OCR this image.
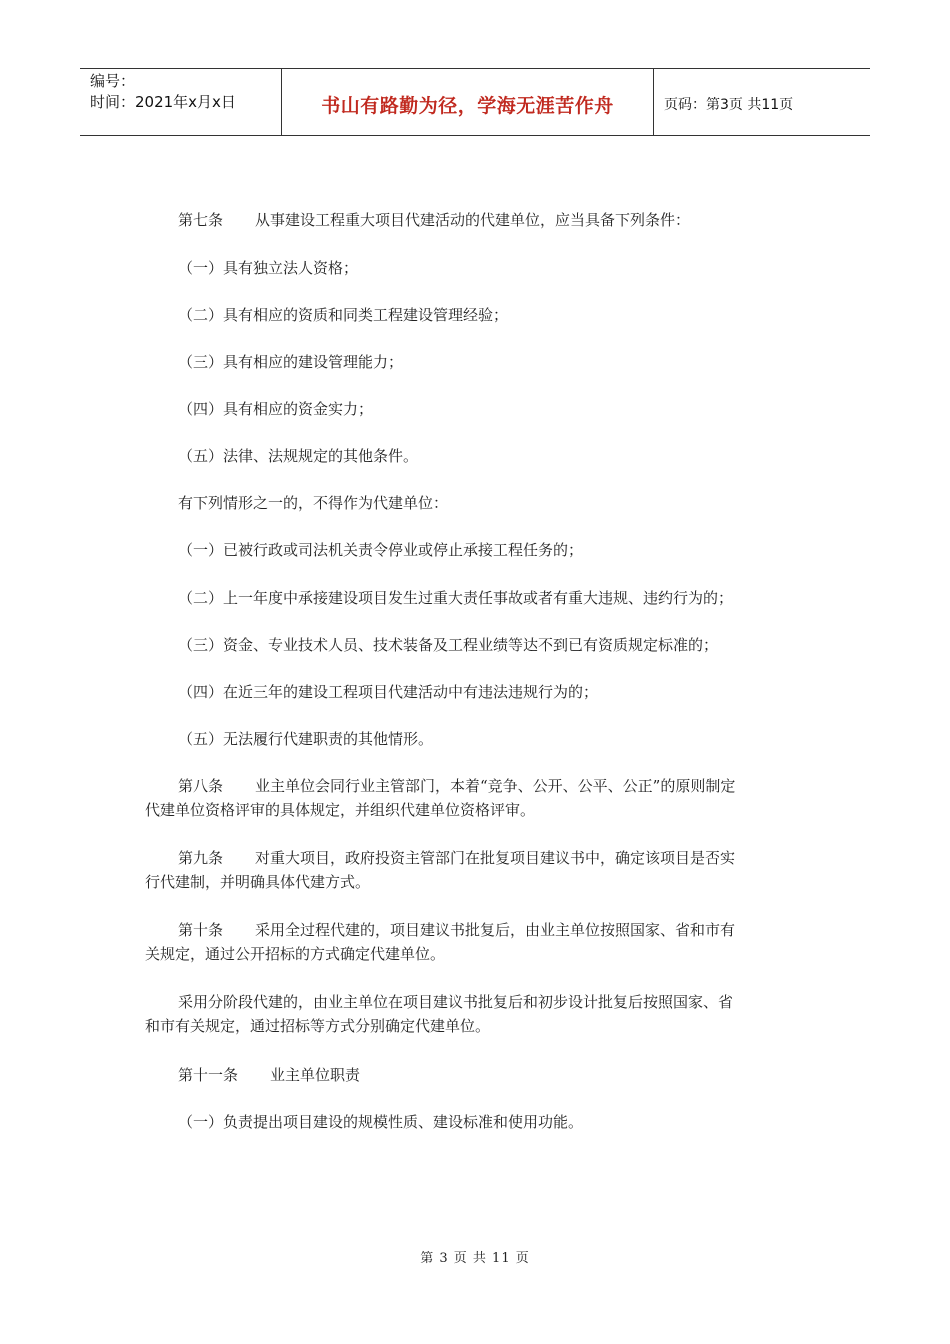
编号：
时间：2021年x月x日	书山有路勤为径，学海无涯苦作舟	页码：第3页 共11页

第七条 从事建设工程重大项目代建活动的代建单位，应当具备下列条件：

（一）具有独立法人资格；

（二）具有相应的资质和同类工程建设管理经验；

（三）具有相应的建设管理能力；

（四）具有相应的资金实力；

（五）法律、法规规定的其他条件。

有下列情形之一的，不得作为代建单位：

（一）已被行政或司法机关责令停业或停止承接工程任务的；

（二）上一年度中承接建设项目发生过重大责任事故或者有重大违规、违约行为的；

（三）资金、专业技术人员、技术装备及工程业绩等达不到已有资质规定标准的；

（四）在近三年的建设工程项目代建活动中有违法违规行为的；

（五）无法履行代建职责的其他情形。

第八条 业主单位会同行业主管部门，本着“竞争、公开、公平、公正”的原则制定
代建单位资格评审的具体规定，并组织代建单位资格评审。

第九条 对重大项目，政府投资主管部门在批复项目建议书中，确定该项目是否实
行代建制，并明确具体代建方式。

第十条 采用全过程代建的，项目建议书批复后，由业主单位按照国家、省和市有
关规定，通过公开招标的方式确定代建单位。

采用分阶段代建的，由业主单位在项目建议书批复后和初步设计批复后按照国家、省
和市有关规定，通过招标等方式分别确定代建单位。

第十一条 业主单位职责

（一）负责提出项目建设的规模性质、建设标准和使用功能。

第 3 页 共 11 页
